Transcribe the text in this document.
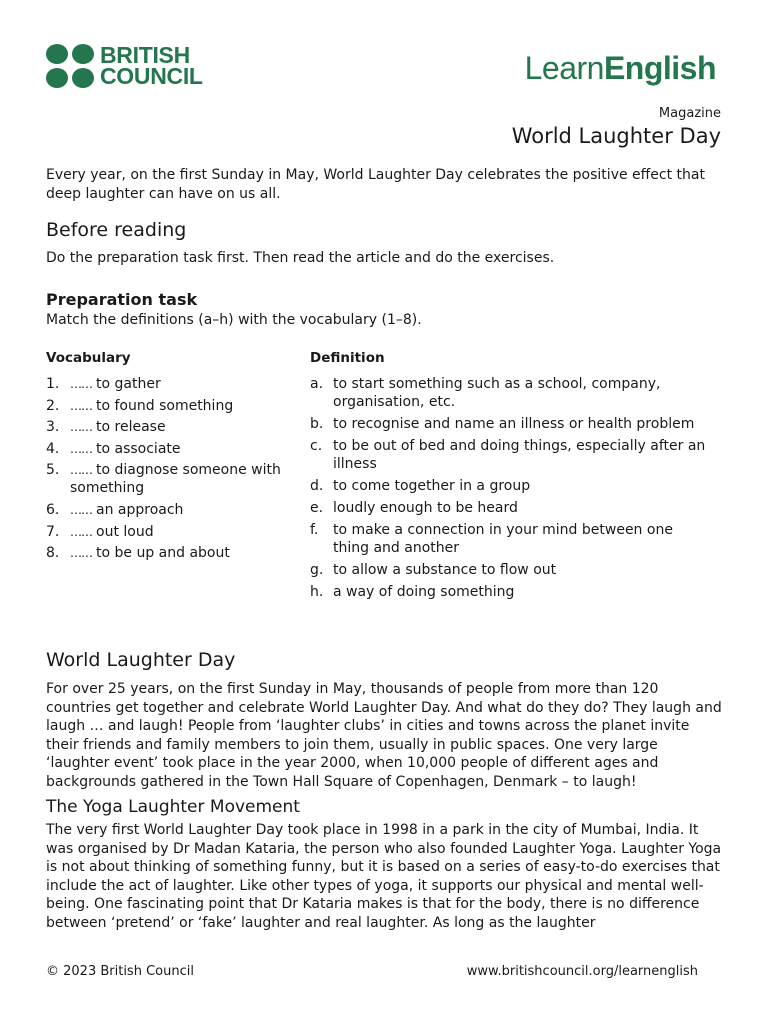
BRITISH
COUNCIL	LearnEnglish
Magazine
World Laughter Day
Every year, on the first Sunday in May, World Laughter Day celebrates the positive effect that deep laughter can have on us all.
Before reading
Do the preparation task first. Then read the article and do the exercises.
Preparation task
Match the definitions (a–h) with the vocabulary (1–8).
Vocabulary	Definition
1. …… to gather
2. …… to found something
3. …… to release
4. …… to associate
5. …… to diagnose someone with something
6. …… an approach
7. …… out loud
8. …… to be up and about
a. to start something such as a school, company, organisation, etc.
b. to recognise and name an illness or health problem
c. to be out of bed and doing things, especially after an illness
d. to come together in a group
e. loudly enough to be heard
f. to make a connection in your mind between one thing and another
g. to allow a substance to flow out
h. a way of doing something
World Laughter Day
For over 25 years, on the first Sunday in May, thousands of people from more than 120 countries get together and celebrate World Laughter Day. And what do they do? They laugh and laugh … and laugh! People from ‘laughter clubs’ in cities and towns across the planet invite their friends and family members to join them, usually in public spaces. One very large ‘laughter event’ took place in the year 2000, when 10,000 people of different ages and backgrounds gathered in the Town Hall Square of Copenhagen, Denmark – to laugh!
The Yoga Laughter Movement
The very first World Laughter Day took place in 1998 in a park in the city of Mumbai, India. It was organised by Dr Madan Kataria, the person who also founded Laughter Yoga. Laughter Yoga is not about thinking of something funny, but it is based on a series of easy-to-do exercises that include the act of laughter. Like other types of yoga, it supports our physical and mental well-being. One fascinating point that Dr Kataria makes is that for the body, there is no difference between ‘pretend’ or ‘fake’ laughter and real laughter. As long as the laughter
© 2023 British Council	www.britishcouncil.org/learnenglish
